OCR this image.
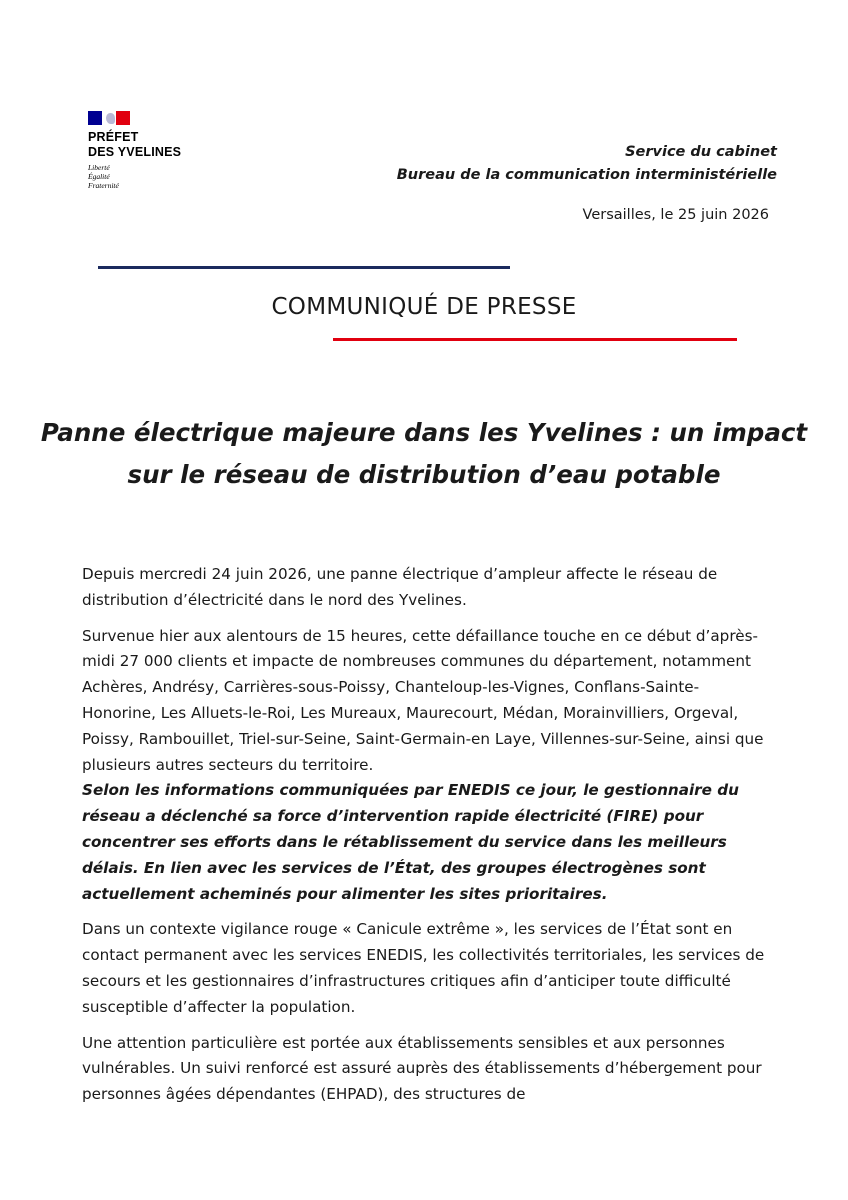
PRÉFET
DES YVELINES
Liberté
Égalité
Fraternité
Service du cabinet
Bureau de la communication interministérielle
Versailles, le 25 juin 2026
COMMUNIQUÉ DE PRESSE
Panne électrique majeure dans les Yvelines : un impact sur le réseau de distribution d’eau potable

Depuis mercredi 24 juin 2026, une panne électrique d’ampleur affecte le réseau de distribution d’électricité dans le nord des Yvelines.

Survenue hier aux alentours de 15 heures, cette défaillance touche en ce début d’après-midi 27 000 clients et impacte de nombreuses communes du département, notamment Achères, Andrésy, Carrières-sous-Poissy, Chanteloup-les-Vignes, Conflans-Sainte-Honorine, Les Alluets-le-Roi, Les Mureaux, Maurecourt, Médan, Morainvilliers, Orgeval, Poissy, Rambouillet, Triel-sur-Seine, Saint-Germain-en Laye, Villennes-sur-Seine, ainsi que plusieurs autres secteurs du territoire.

Selon les informations communiquées par ENEDIS ce jour, le gestionnaire du réseau a déclenché sa force d’intervention rapide électricité (FIRE) pour concentrer ses efforts dans le rétablissement du service dans les meilleurs délais. En lien avec les services de l’État, des groupes électrogènes sont actuellement acheminés pour alimenter les sites prioritaires.

Dans un contexte vigilance rouge « Canicule extrême », les services de l’État sont en contact permanent avec les services ENEDIS, les collectivités territoriales, les services de secours et les gestionnaires d’infrastructures critiques afin d’anticiper toute difficulté susceptible d’affecter la population.

Une attention particulière est portée aux établissements sensibles et aux personnes vulnérables. Un suivi renforcé est assuré auprès des établissements d’hébergement pour personnes âgées dépendantes (EHPAD), des structures de
